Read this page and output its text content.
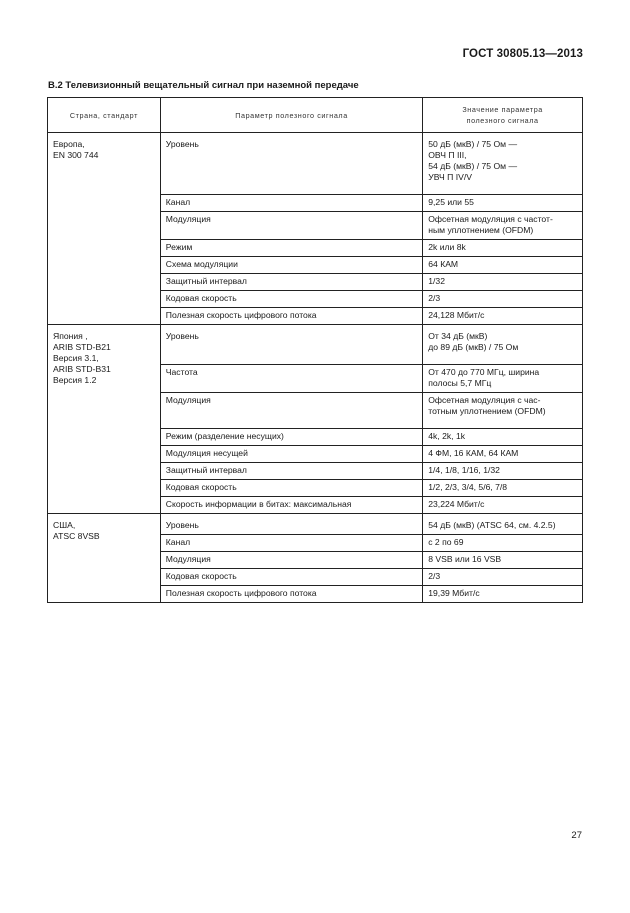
ГОСТ 30805.13—2013
В.2 Телевизионный вещательный сигнал при наземной передаче
Страна, стандарт	Параметр полезного сигнала	Значение параметра
полезного сигнала

Европа,
EN 300 744	Уровень	50 дБ (мкВ) / 75 Ом —
ОВЧ П III,
54 дБ (мкВ) / 75 Ом —
УВЧ П IV/V

	Канал	9,25 или 55

	Модуляция	Офсетная модуляция с частот-
ным уплотнением (OFDM)

	Режим	2k или 8k

	Схема модуляции	64 КАМ

	Защитный интервал	1/32

	Кодовая скорость	2/3

	Полезная скорость цифрового потока	24,128 Мбит/с

Япония ,
ARIB STD-B21
Версия 3.1,
ARIB STD-B31
Версия 1.2	Уровень	От 34 дБ (мкВ)
до 89 дБ (мкВ) / 75 Ом

	Частота	От 470 до 770 МГц, ширина
полосы 5,7 МГц

	Модуляция	Офсетная модуляция с час-
тотным уплотнением (OFDM)

	Режим (разделение несущих)	4k, 2k, 1k

	Модуляция несущей	4 ФМ, 16 КАМ, 64 КАМ

	Защитный интервал	1/4, 1/8, 1/16, 1/32

	Кодовая скорость	1/2, 2/3, 3/4, 5/6, 7/8

	Скорость информации в битах: максимальная	23,224 Мбит/с

США,
ATSC 8VSB	Уровень	54 дБ (мкВ) (ATSC 64, см. 4.2.5)

	Канал	с 2 по 69

	Модуляция	8 VSB или 16 VSB

	Кодовая скорость	2/3

	Полезная скорость цифрового потока	19,39 Мбит/с
27
